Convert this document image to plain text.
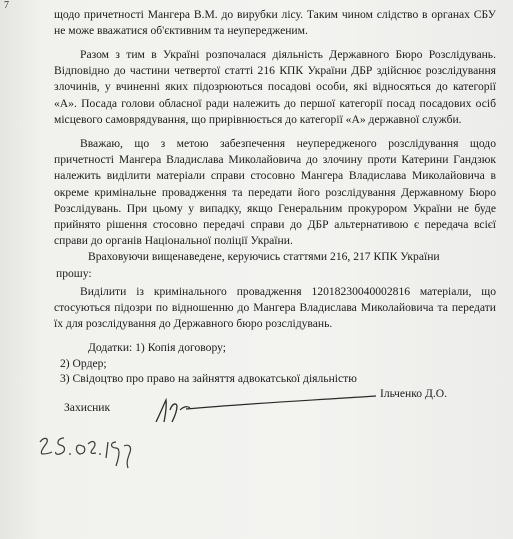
7

щодо причетності Мангера В.М. до вирубки лісу. Таким чином слідство в органах СБУ не може вважатися об'єктивним та неупередженим.

Разом з тим в Україні розпочалася діяльність Державного Бюро Розслідувань. Відповідно до частини четвертої статті 216 КПК України ДБР здійснює розслідування злочинів, у вчиненні яких підозрюються посадові особи, які відносяться до категорії «А». Посада голови обласної ради належить до першої категорії посад посадових осіб місцевого самоврядування, що прирівнюється до категорії «А» державної служби.

Вважаю, що з метою забезпечення неупередженого розслідування щодо причетності Мангера Владислава Миколайовича до злочину проти Катерини Гандзюк належить виділити матеріали справи стосовно Мангера Владислава Миколайовича в окреме кримінальне провадження та передати його розслідування Державному Бюро Розслідувань. При цьому у випадку, якщо Генеральним прокурором України не буде прийнято рішення стосовно передачі справи до ДБР альтернативою є передача всієї справи до органів Національної поліції України.

Враховуючи вищенаведене, керуючись статтями 216, 217 КПК України
прошу:

Виділити із кримінального провадження 12018230040002816 матеріали, що стосуються підозри по відношенню до Мангера Владислава Миколайовича та передати їх для розслідування до Державного бюро розслідувань.

Додатки: 1) Копія договору;
2) Ордер;
3) Свідоцтво про право на зайняття адвокатської діяльністю
Захисник
Ільченко Д.О.
